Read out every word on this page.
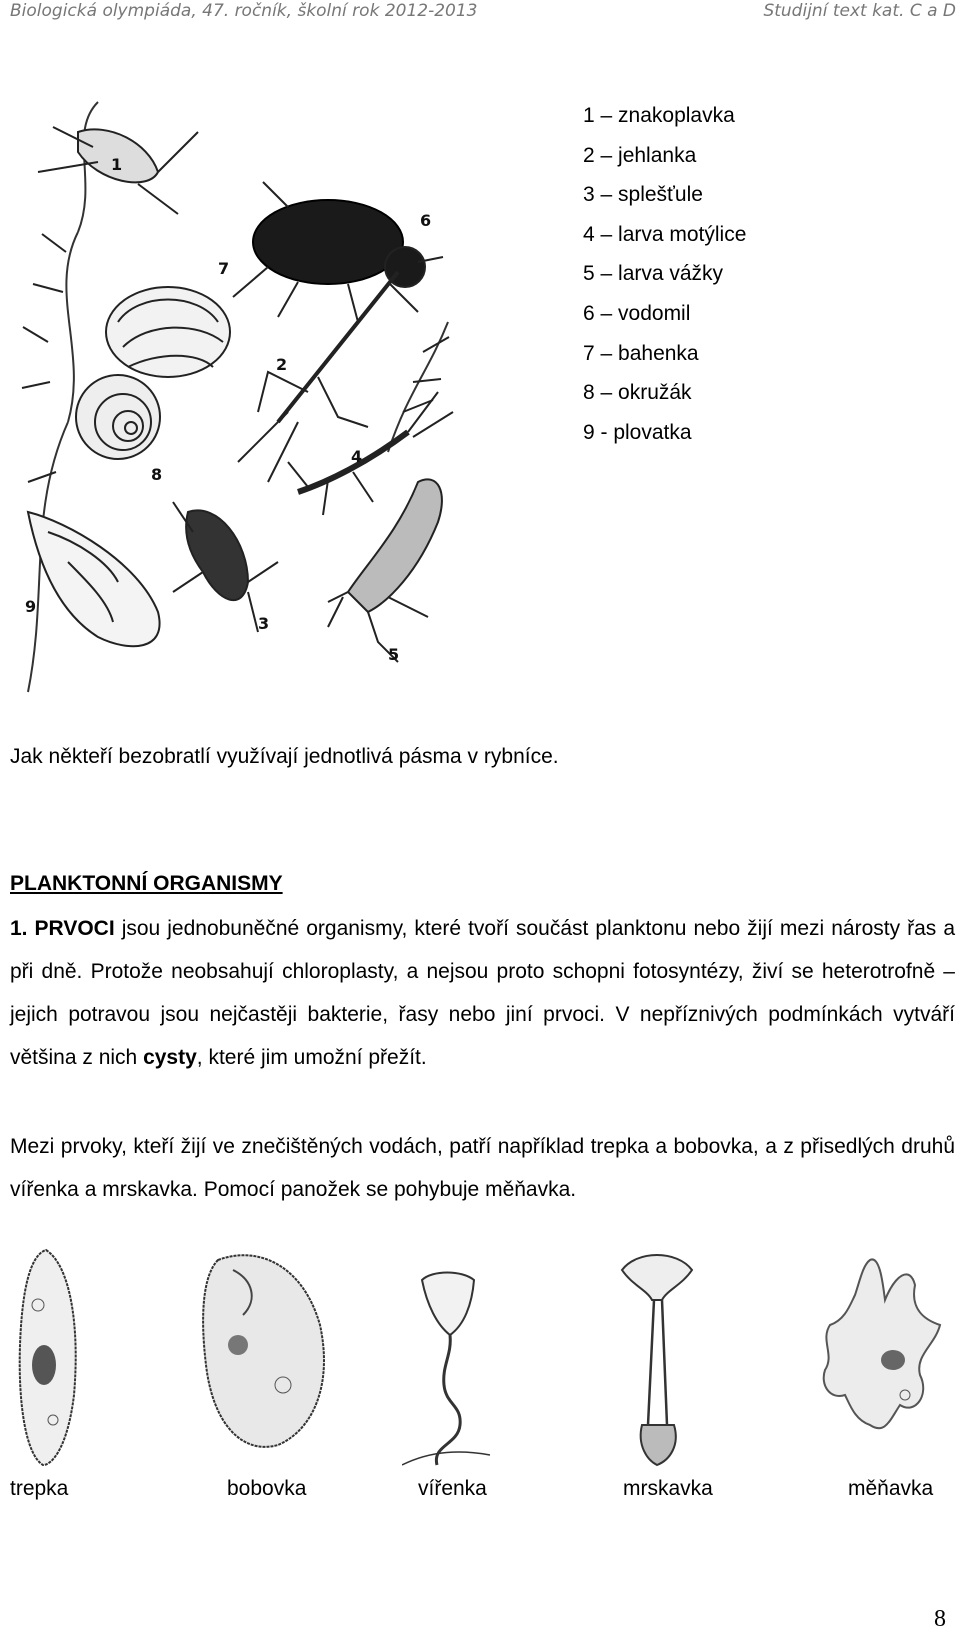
Biologická olympiáda, 47. ročník, školní rok 2012-2013	Studijní text kat. C a D
1
2
3
4
5
6
7
8
9
1 – znakoplavka
2 – jehlanka
3 – splešťule
4 – larva motýlice
5 – larva vážky
6 – vodomil
7 – bahenka
8 – okružák
9 - plovatka
Jak někteří bezobratlí využívají jednotlivá pásma v rybníce.
PLANKTONNÍ ORGANISMY
1. PRVOCI jsou jednobuněčné organismy, které tvoří součást planktonu nebo žijí mezi nárosty řas a při dně. Protože neobsahují chloroplasty, a nejsou proto schopni fotosyntézy, živí se heterotrofně – jejich potravou jsou nejčastěji bakterie, řasy nebo jiní prvoci. V nepříznivých podmínkách vytváří většina z nich cysty, které jim umožní přežít.
Mezi prvoky, kteří žijí ve znečištěných vodách, patří například trepka a bobovka, a z přisedlých druhů vířenka a mrskavka. Pomocí panožek se pohybuje měňavka.
trepka	bobovka	vířenka	mrskavka	měňavka
8
